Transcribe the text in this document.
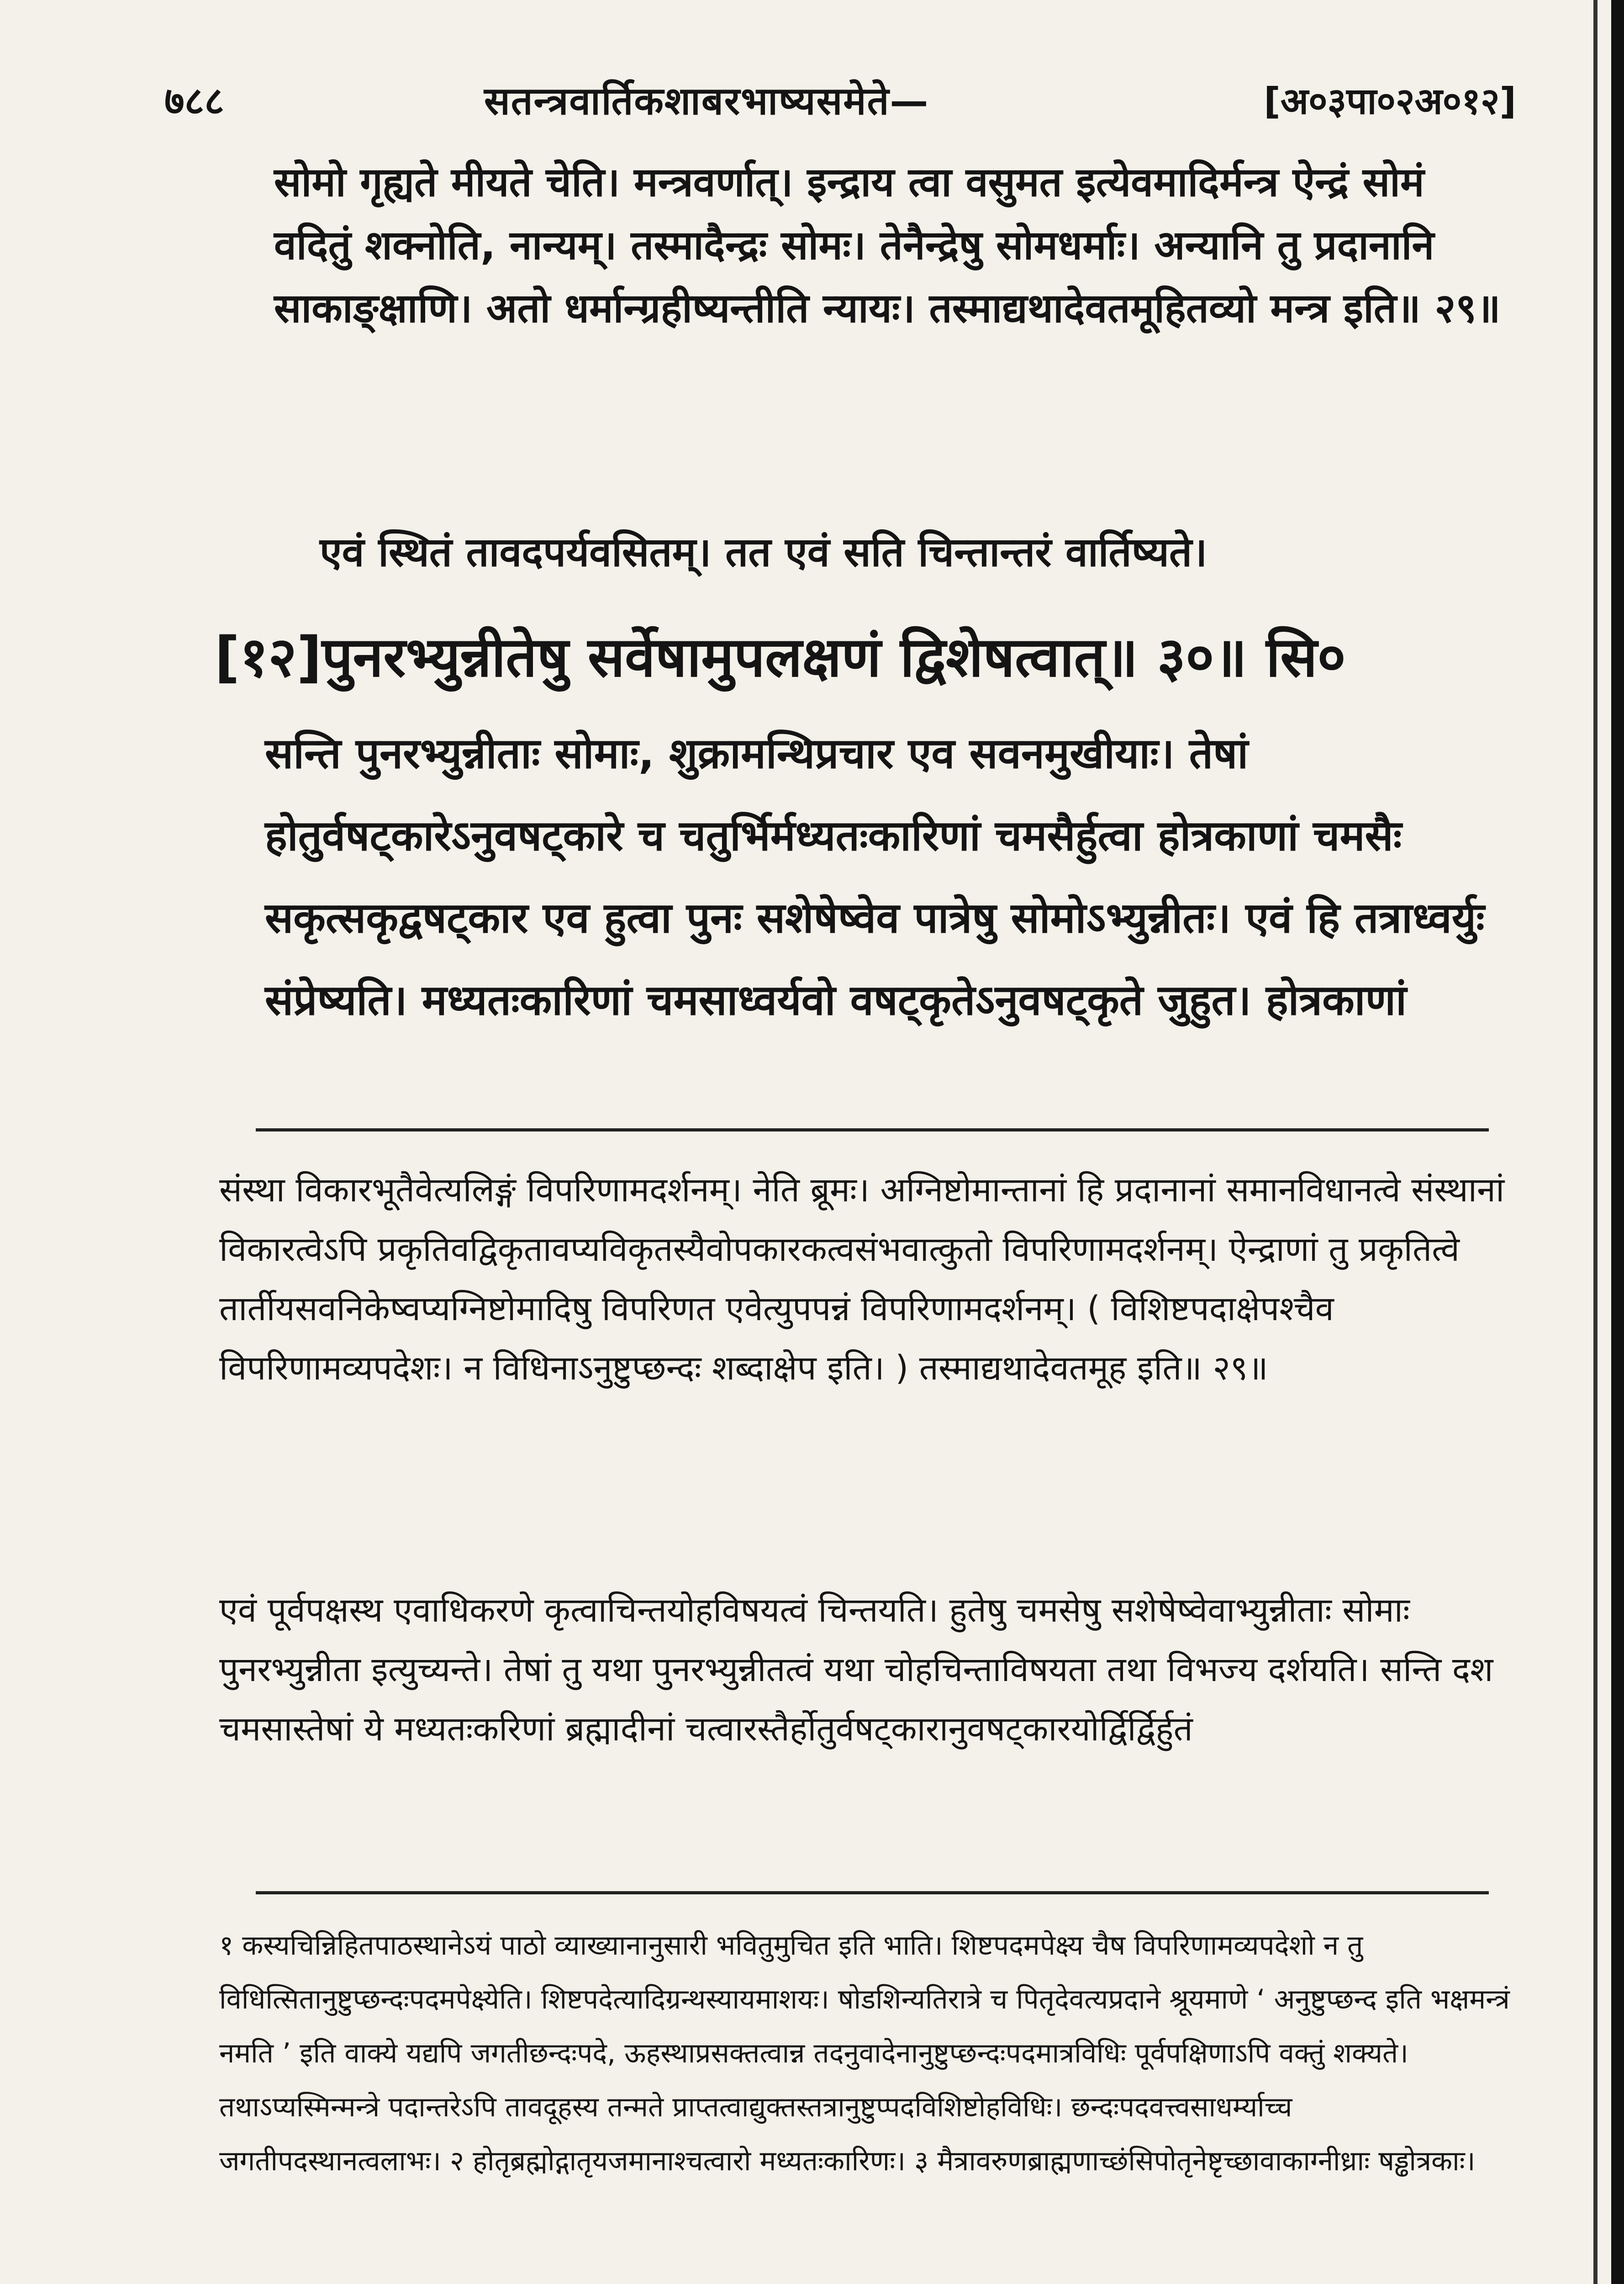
७८८	सतन्त्रवार्तिकशाबरभाष्यसमेते—	[अ०३पा०२अ०१२]

सोमो गृह्यते मीयते चेति। मन्त्रवर्णात्। इन्द्राय त्वा वसुमत इत्येवमादिर्मन्त्र ऐन्द्रं सोमं वदितुं शक्नोति, नान्यम्। तस्मादैन्द्रः सोमः। तेनैन्द्रेषु सोमधर्माः। अन्यानि तु प्रदानानि साकाङ्क्षाणि। अतो धर्मान्ग्रहीष्यन्तीति न्यायः। तस्माद्यथादेवतमूहितव्यो मन्त्र इति॥ २९॥

एवं स्थितं तावदपर्यवसितम्। तत एवं सति चिन्तान्तरं वार्तिष्यते।

[१२]पुनरभ्युन्नीतेषु सर्वेषामुपलक्षणं द्विशेषत्वात्॥ ३०॥ सि०

सन्ति पुनरभ्युन्नीताः सोमाः, शुक्रामन्थिप्रचार एव सवनमुखीयाः। तेषां होतुर्वषट्कारेऽनुवषट्कारे च चतुर्भिर्मध्यतःकारिणां चमसैर्हुत्वा होत्रकाणां चमसैः सकृत्सकृद्वषट्कार एव हुत्वा पुनः सशेषेष्वेव पात्रेषु सोमोऽभ्युन्नीतः। एवं हि तत्राध्वर्युः संप्रेष्यति। मध्यतःकारिणां चमसाध्वर्यवो वषट्कृतेऽनुवषट्कृते जुहुत। होत्रकाणां

संस्था विकारभूतैवेत्यलिङ्गं विपरिणामदर्शनम्। नेति ब्रूमः। अग्निष्टोमान्तानां हि प्रदानानां समानविधानत्वे संस्थानां विकारत्वेऽपि प्रकृतिवद्विकृतावप्यविकृतस्यैवोपकारकत्वसंभवात्कुतो विपरिणामदर्शनम्। ऐन्द्राणां तु प्रकृतित्वे तार्तीयसवनिकेष्वप्यग्निष्टोमादिषु विपरिणत एवेत्युपपन्नं विपरिणामदर्शनम्। ( विशिष्टपदाक्षेपश्चैव विपरिणामव्यपदेशः। न विधिनाऽनुष्टुप्छन्दः शब्दाक्षेप इति। ) तस्माद्यथादेवतमूह इति॥ २९॥

एवं पूर्वपक्षस्थ एवाधिकरणे कृत्वाचिन्तयोहविषयत्वं चिन्तयति। हुतेषु चमसेषु सशेषेष्वेवाभ्युन्नीताः सोमाः पुनरभ्युन्नीता इत्युच्यन्ते। तेषां तु यथा पुनरभ्युन्नीतत्वं यथा चोहचिन्ताविषयता तथा विभज्य दर्शयति। सन्ति दश चमसास्तेषां ये मध्यतःकरिणां ब्रह्मादीनां चत्वारस्तैर्होतुर्वषट्कारानुवषट्कारयोर्द्विर्द्विर्हुतं

१ कस्यचिन्निहितपाठस्थानेऽयं पाठो व्याख्यानानुसारी भवितुमुचित इति भाति। शिष्टपदमपेक्ष्य चैष विपरिणामव्यपदेशो न तु विधित्सितानुष्टुप्छन्दःपदमपेक्ष्येति। शिष्टपदेत्यादिग्रन्थस्यायमाशयः। षोडशिन्यतिरात्रे च पितृदेवत्यप्रदाने श्रूयमाणे ‘ अनुष्टुप्छन्द इति भक्षमन्त्रं नमति ’ इति वाक्ये यद्यपि जगतीछन्दःपदे, ऊहस्थाप्रसक्तत्वान्न तदनुवादेनानुष्टुप्छन्दःपदमात्रविधिः पूर्वपक्षिणाऽपि वक्तुं शक्यते। तथाऽप्यस्मिन्मन्त्रे पदान्तरेऽपि तावदूहस्य तन्मते प्राप्तत्वाद्युक्तस्तत्रानुष्टुप्पदविशिष्टोहविधिः। छन्दःपदवत्त्वसाधर्म्याच्च जगतीपदस्थानत्वलाभः। २ होतृब्रह्मोद्गातृयजमानाश्चत्वारो मध्यतःकारिणः। ३ मैत्रावरुणब्राह्मणाच्छंसिपोतृनेष्टृच्छावाकाग्नीध्राः षड्ढोत्रकाः।
